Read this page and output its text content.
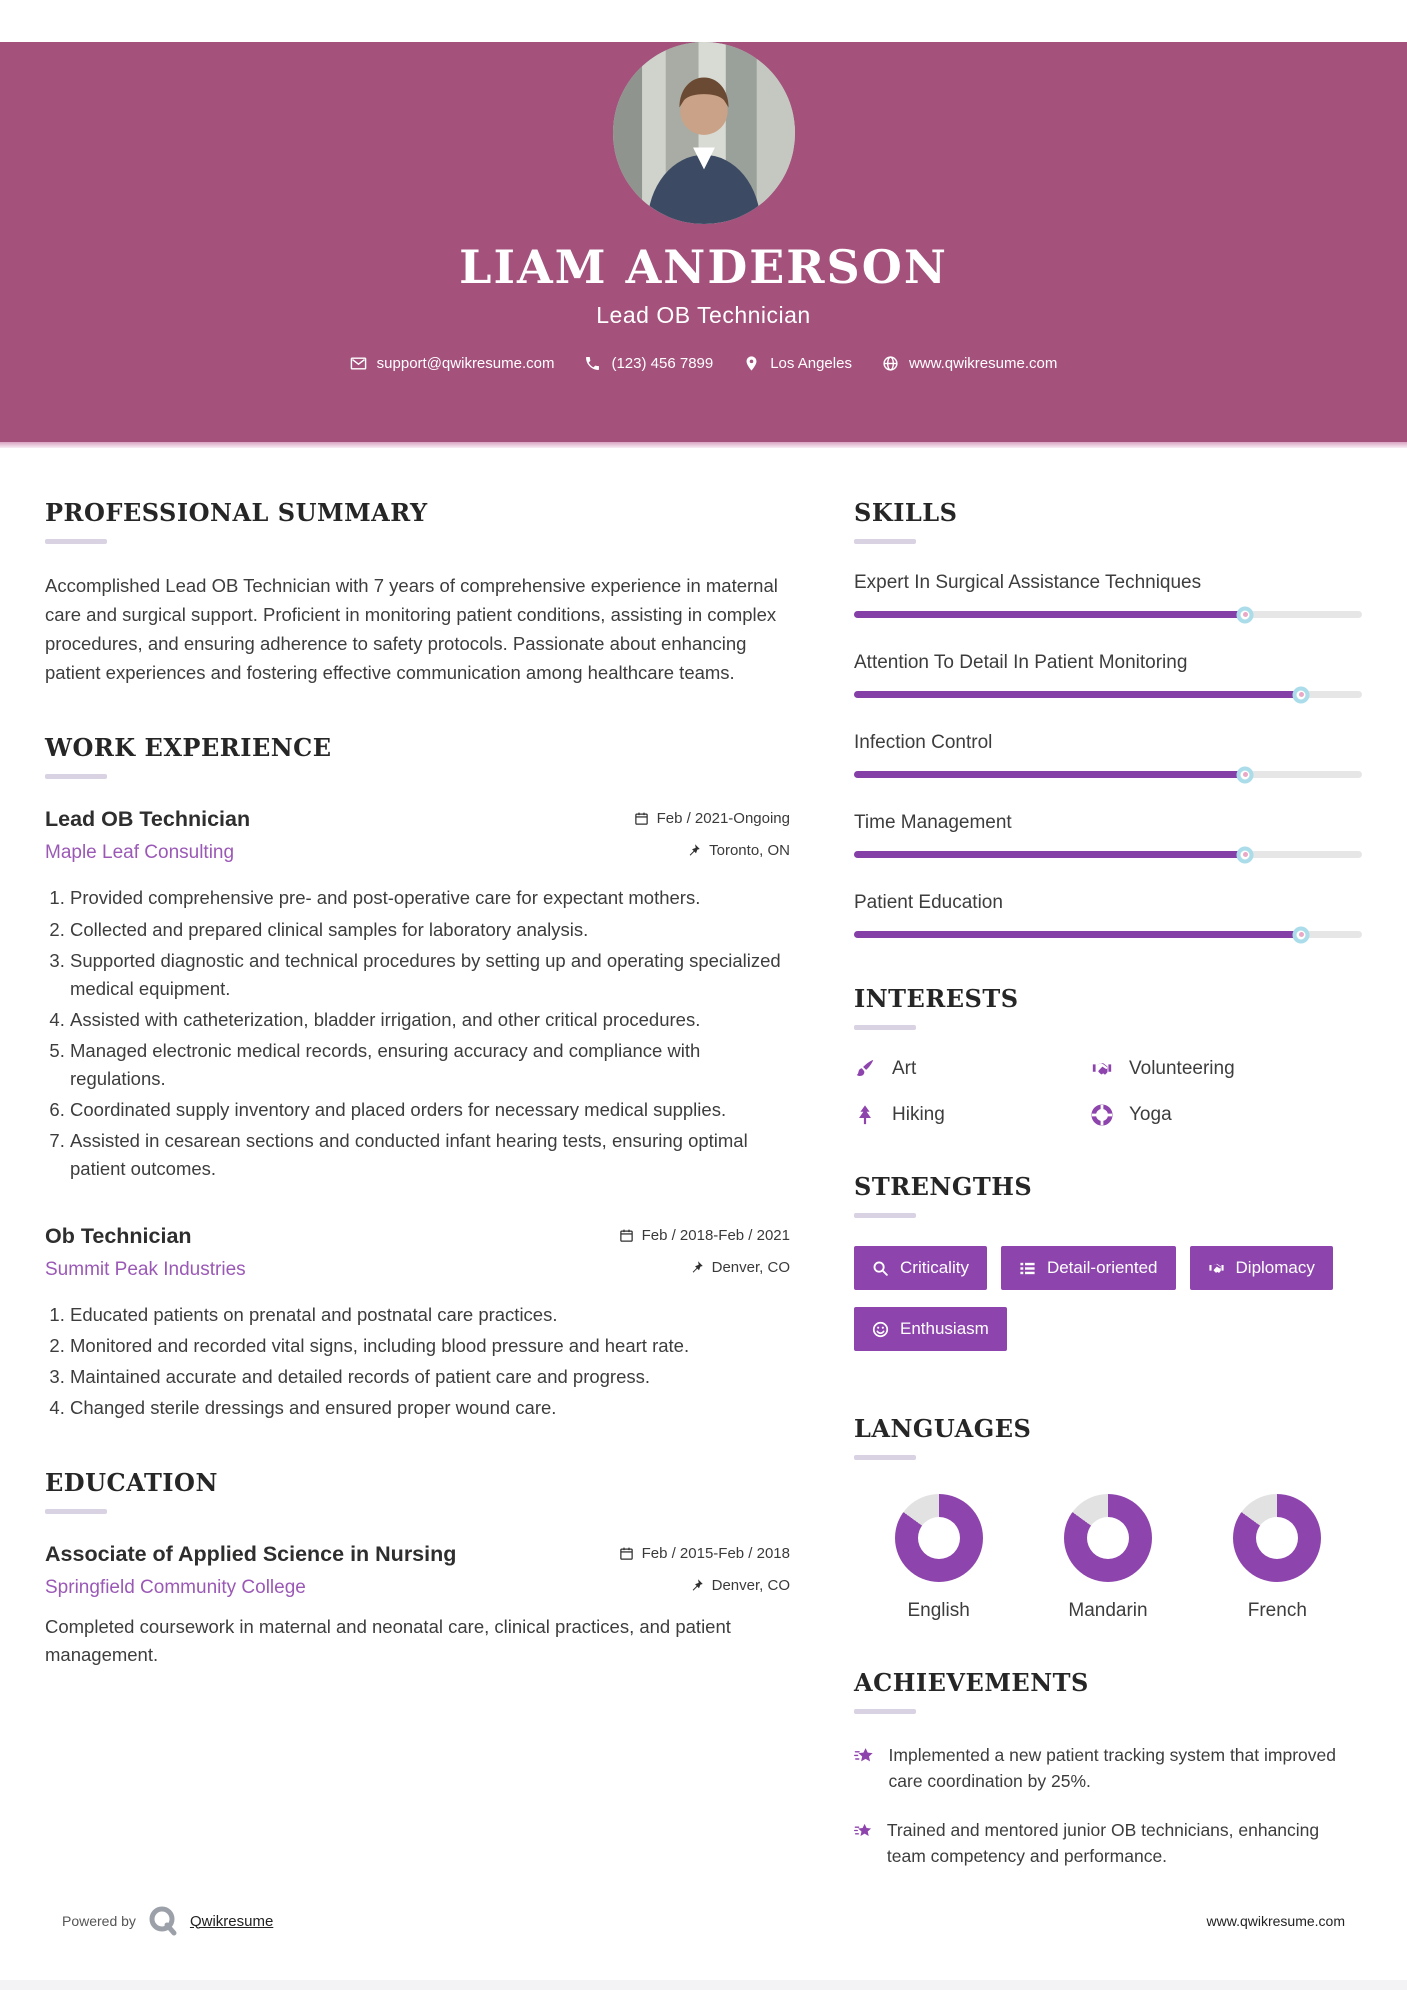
LIAM ANDERSON
Lead OB Technician
support@qwikresume.com	(123) 456 7899	Los Angeles	www.qwikresume.com
PROFESSIONAL SUMMARY

Accomplished Lead OB Technician with 7 years of comprehensive experience in maternal care and surgical support. Proficient in monitoring patient conditions, assisting in complex procedures, and ensuring adherence to safety protocols. Passionate about enhancing patient experiences and fostering effective communication among healthcare teams.

WORK EXPERIENCE
Lead OB Technician	Feb / 2021-Ongoing
Maple Leaf Consulting	Toronto, ON
1. Provided comprehensive pre- and post-operative care for expectant mothers.
2. Collected and prepared clinical samples for laboratory analysis.
3. Supported diagnostic and technical procedures by setting up and operating specialized medical equipment.
4. Assisted with catheterization, bladder irrigation, and other critical procedures.
5. Managed electronic medical records, ensuring accuracy and compliance with regulations.
6. Coordinated supply inventory and placed orders for necessary medical supplies.
7. Assisted in cesarean sections and conducted infant hearing tests, ensuring optimal patient outcomes.
Ob Technician	Feb / 2018-Feb / 2021
Summit Peak Industries	Denver, CO
1. Educated patients on prenatal and postnatal care practices.
2. Monitored and recorded vital signs, including blood pressure and heart rate.
3. Maintained accurate and detailed records of patient care and progress.
4. Changed sterile dressings and ensured proper wound care.
EDUCATION
Associate of Applied Science in Nursing	Feb / 2015-Feb / 2018
Springfield Community College	Denver, CO

Completed coursework in maternal and neonatal care, clinical practices, and patient management.

SKILLS
Expert In Surgical Assistance Techniques
Attention To Detail In Patient Monitoring
Infection Control
Time Management
Patient Education
INTERESTS
Art	Volunteering
Hiking	Yoga
STRENGTHS
Criticality	Detail-oriented	Diplomacy
Enthusiasm
LANGUAGES
English	Mandarin	French
ACHIEVEMENTS
Implemented a new patient tracking system that improved care coordination by 25%.
Trained and mentored junior OB technicians, enhancing team competency and performance.
Powered by	Qwikresume	www.qwikresume.com
